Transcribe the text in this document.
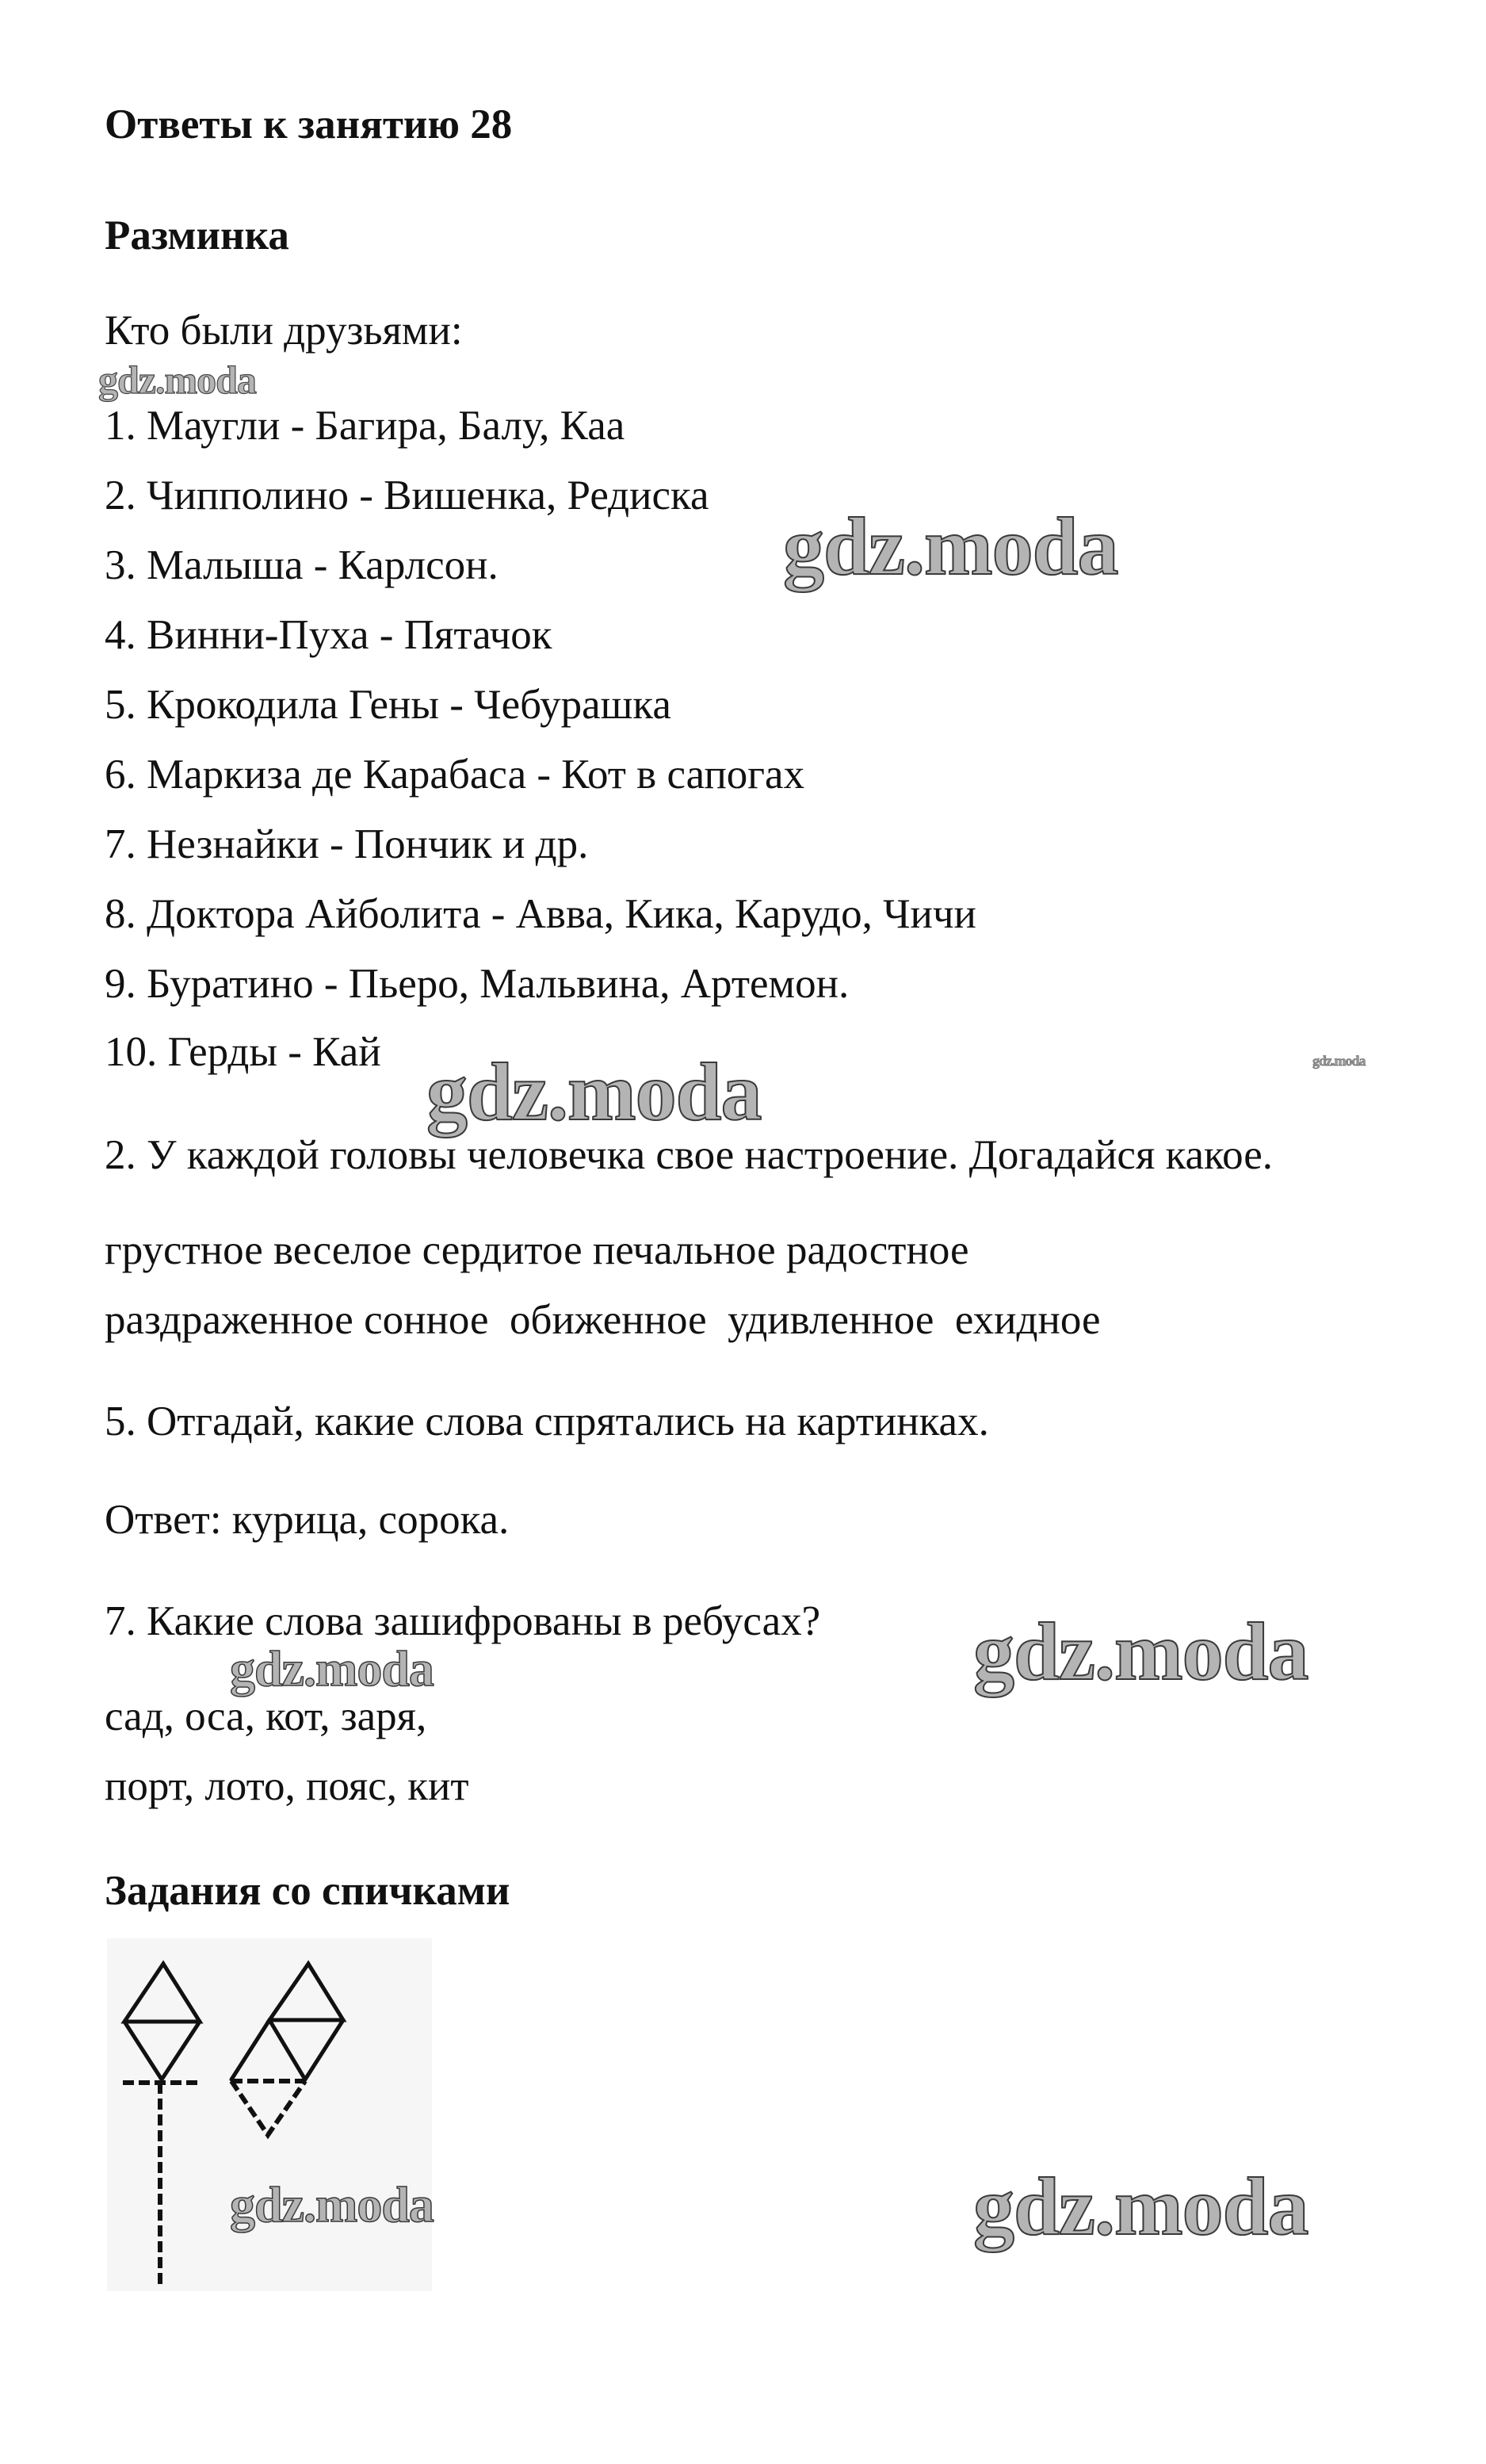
Ответы к занятию 28
Разминка
Кто были друзьями:
1. Маугли - Багира, Балу, Каа
2. Чипполино - Вишенка, Редиска
3. Малыша - Карлсон.
4. Винни-Пуха - Пятачок
5. Крокодила Гены - Чебурашка
6. Маркиза де Карабаса - Кот в сапогах
7. Незнайки - Пончик и др.
8. Доктора Айболита - Авва, Кика, Карудо, Чичи
9. Буратино - Пьеро, Мальвина, Артемон.
10. Герды - Кай
2. У каждой головы человечка свое настроение. Догадайся какое.
грустное веселое сердитое печальное радостное
раздраженное сонное  обиженное  удивленное  ехидное
5. Отгадай, какие слова спрятались на картинках.
Ответ: курица, сорока.
7. Какие слова зашифрованы в ребусах?
сад, оса, кот, заря,
порт, лото, пояс, кит
Задания со спичками
gdz.moda
gdz.moda
gdz.moda	gdz.moda
gdz.moda
gdz.moda
gdz.moda
gdz.moda
